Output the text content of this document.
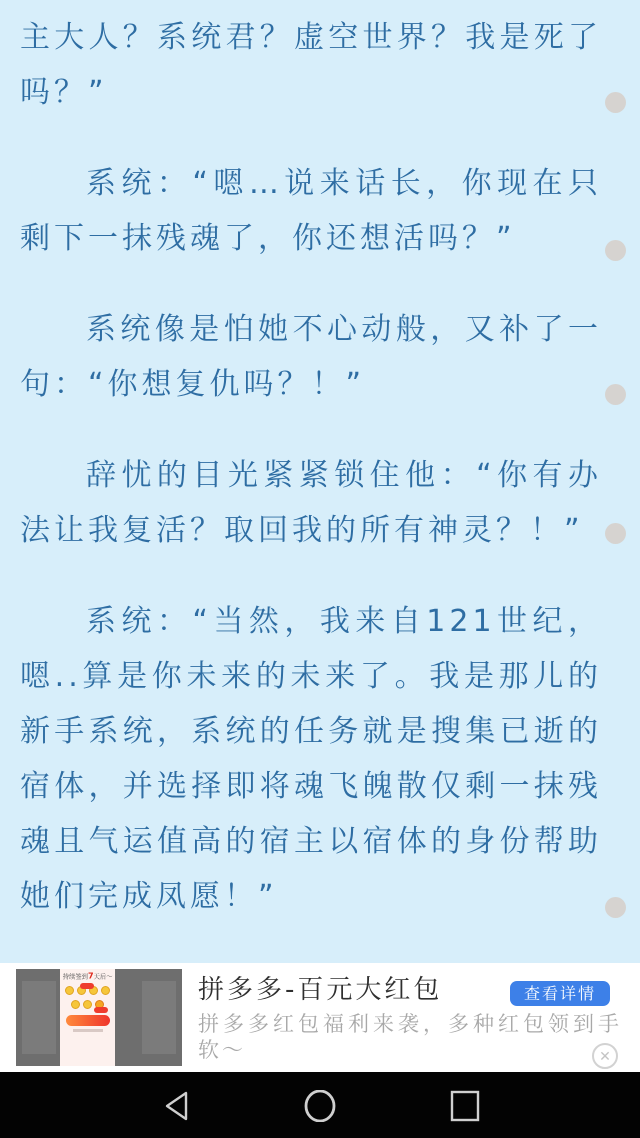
主大人？系统君？虚空世界？我是死了吗？”

系统：“嗯…说来话长，你现在只剩下一抹残魂了，你还想活吗？”

系统像是怕她不心动般，又补了一句：“你想复仇吗？！”

辞忧的目光紧紧锁住他：“你有办法让我复活？取回我的所有神灵？！”

系统：“当然，我来自121世纪，嗯..算是你未来的未来了。我是那儿的新手系统，系统的任务就是搜集已逝的宿体，并选择即将魂飞魄散仅剩一抹残魂且气运值高的宿主以宿体的身份帮助她们完成凤愿！”

持续签到7天后～	拼多多-百元大红包	查看详情
拼多多红包福利来袭，多种红包领到手软～	✕
